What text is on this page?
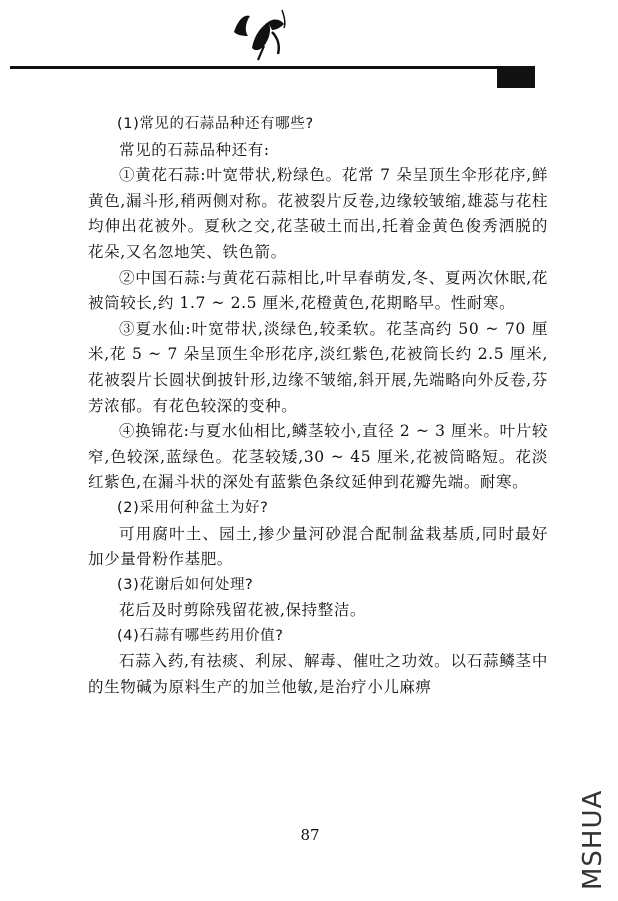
(1)常见的石蒜品种还有哪些?

常见的石蒜品种还有:

①黄花石蒜:叶宽带状,粉绿色。花常 7 朵呈顶生伞形花序,鲜黄色,漏斗形,稍两侧对称。花被裂片反卷,边缘较皱缩,雄蕊与花柱均伸出花被外。夏秋之交,花茎破土而出,托着金黄色俊秀洒脱的花朵,又名忽地笑、铁色箭。

②中国石蒜:与黄花石蒜相比,叶早春萌发,冬、夏两次休眠,花被筒较长,约 1.7 ~ 2.5 厘米,花橙黄色,花期略早。性耐寒。

③夏水仙:叶宽带状,淡绿色,较柔软。花茎高约 50 ~ 70 厘米,花 5 ~ 7 朵呈顶生伞形花序,淡红紫色,花被筒长约 2.5 厘米,花被裂片长圆状倒披针形,边缘不皱缩,斜开展,先端略向外反卷,芬芳浓郁。有花色较深的变种。

④换锦花:与夏水仙相比,鳞茎较小,直径 2 ~ 3 厘米。叶片较窄,色较深,蓝绿色。花茎较矮,30 ~ 45 厘米,花被筒略短。花淡红紫色,在漏斗状的深处有蓝紫色条纹延伸到花瓣先端。耐寒。

(2)采用何种盆土为好?

可用腐叶土、园土,掺少量河砂混合配制盆栽基质,同时最好加少量骨粉作基肥。

(3)花谢后如何处理?

花后及时剪除残留花被,保持整洁。

(4)石蒜有哪些药用价值?

石蒜入药,有祛痰、利尿、解毒、催吐之功效。以石蒜鳞茎中的生物碱为原料生产的加兰他敏,是治疗小儿麻痹

87	MSHUA
